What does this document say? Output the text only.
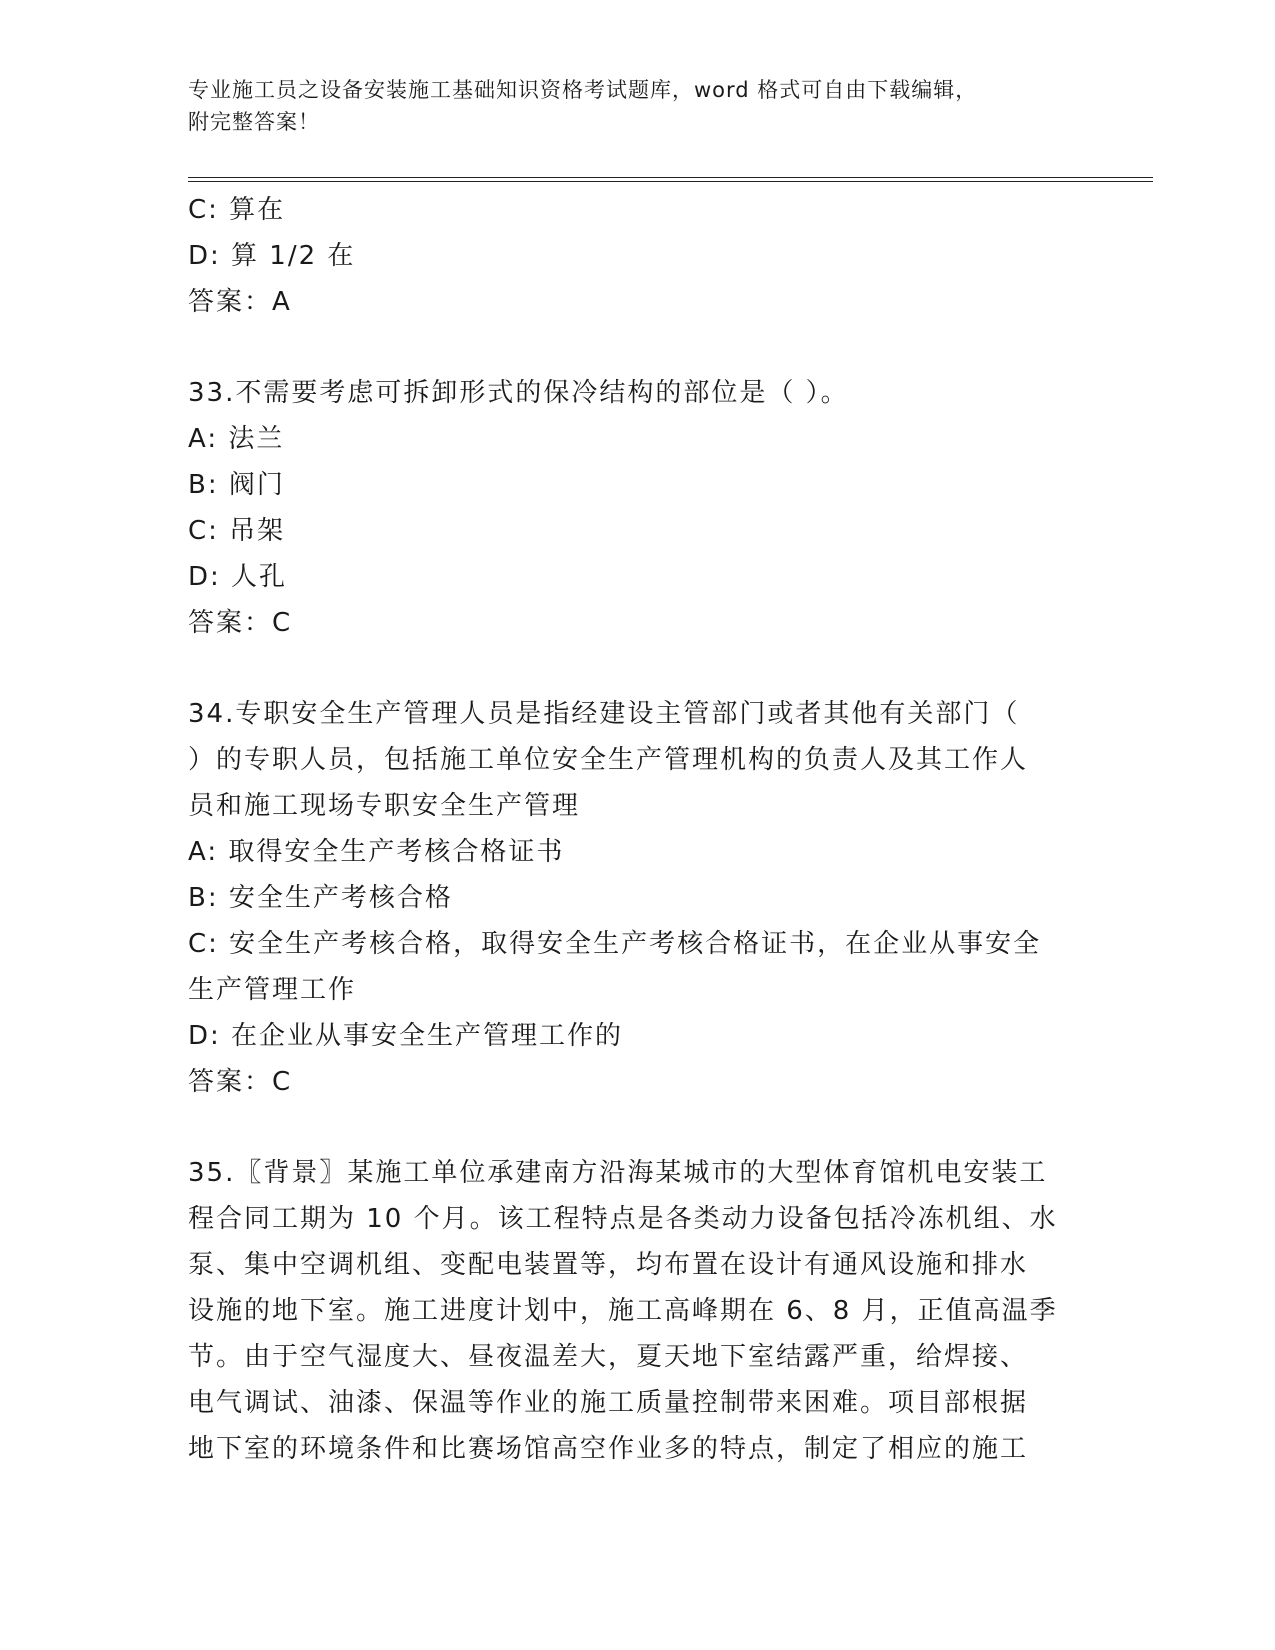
专业施工员之设备安装施工基础知识资格考试题库，word 格式可自由下载编辑，
附完整答案！
C: 算在
D: 算 1/2 在
答案：A
33.不需要考虑可拆卸形式的保冷结构的部位是（ ）。
A: 法兰
B: 阀门
C: 吊架
D: 人孔
答案：C
34.专职安全生产管理人员是指经建设主管部门或者其他有关部门（
）的专职人员，包括施工单位安全生产管理机构的负责人及其工作人
员和施工现场专职安全生产管理
A: 取得安全生产考核合格证书
B: 安全生产考核合格
C: 安全生产考核合格，取得安全生产考核合格证书，在企业从事安全
生产管理工作
D: 在企业从事安全生产管理工作的
答案：C
35.〖背景〗某施工单位承建南方沿海某城市的大型体育馆机电安装工
程合同工期为 10 个月。该工程特点是各类动力设备包括冷冻机组、水
泵、集中空调机组、变配电装置等，均布置在设计有通风设施和排水
设施的地下室。施工进度计划中，施工高峰期在 6、8 月，正值高温季
节。由于空气湿度大、昼夜温差大，夏天地下室结露严重，给焊接、
电气调试、油漆、保温等作业的施工质量控制带来困难。项目部根据
地下室的环境条件和比赛场馆高空作业多的特点，制定了相应的施工
